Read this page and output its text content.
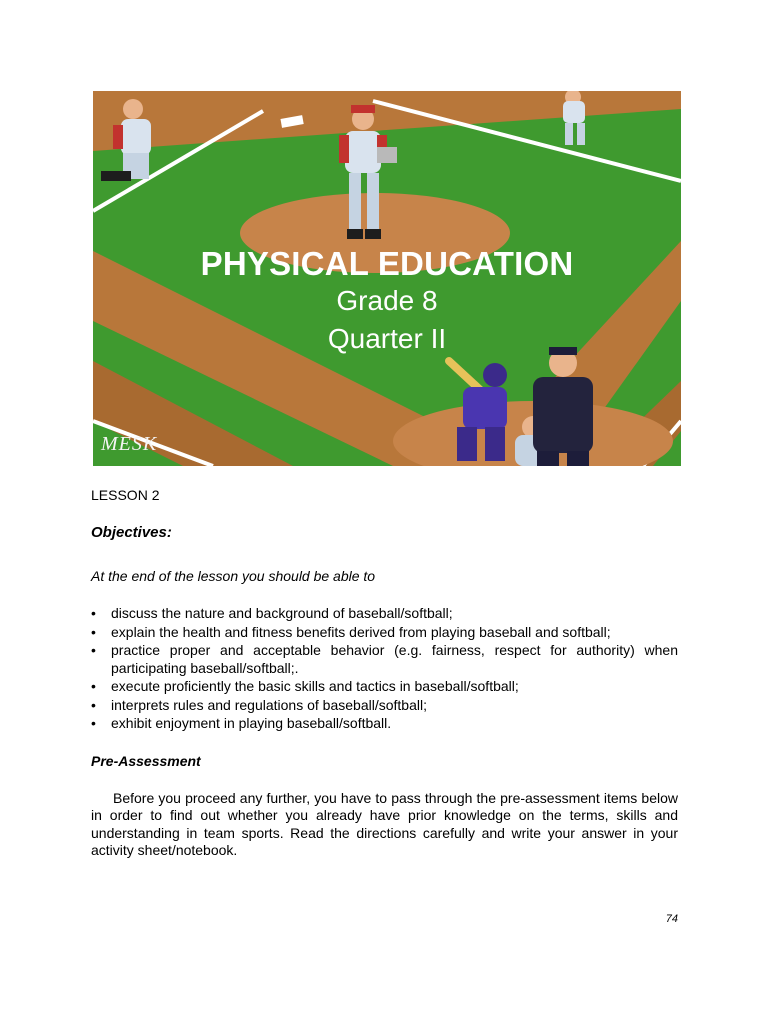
PHYSICAL EDUCATION
Grade 8
Quarter II
MESK
LESSON 2
Objectives:
At the end of the lesson you should be able to
• discuss the nature and background of baseball/softball;
• explain the health and fitness benefits derived from playing baseball and softball;
• practice proper and acceptable behavior (e.g. fairness, respect for authority) when participating baseball/softball;.
• execute proficiently the basic skills and tactics in baseball/softball;
• interprets rules and regulations of baseball/softball;
• exhibit enjoyment in playing baseball/softball.
Pre-Assessment
Before you proceed any further, you have to pass through the pre-assessment items below in order to find out whether you already have prior knowledge on the terms, skills and understanding in team sports. Read the directions carefully and write your answer in your activity sheet/notebook.
74
